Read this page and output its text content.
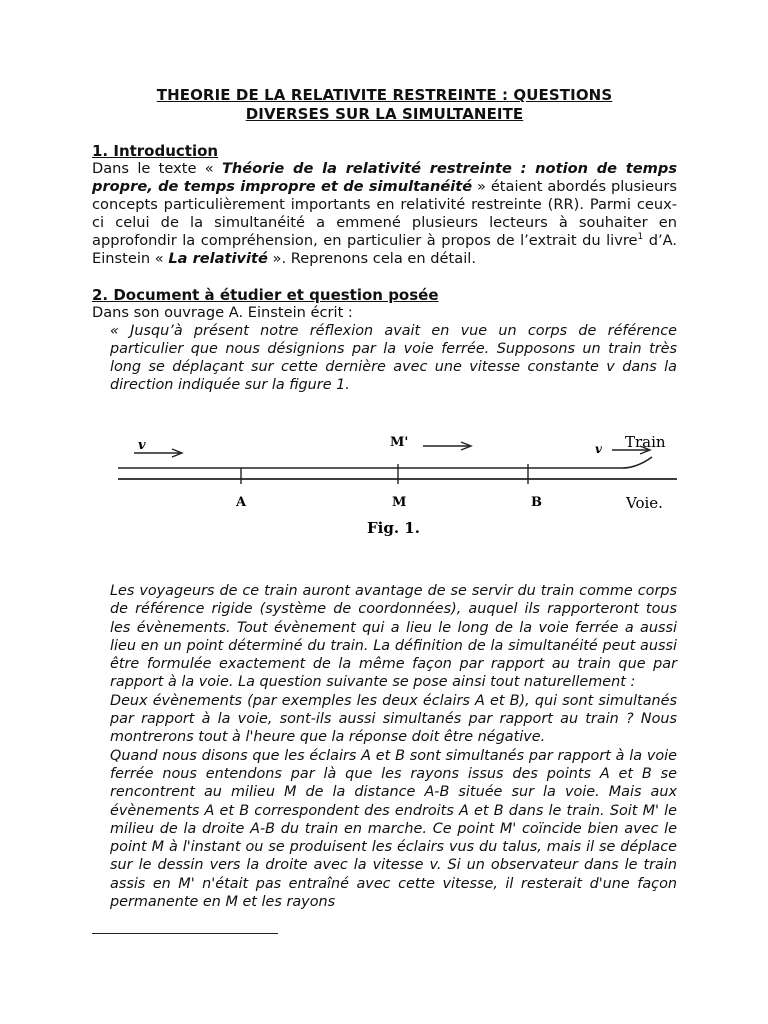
THEORIE DE LA RELATIVITE RESTREINTE : QUESTIONS
DIVERSES SUR LA SIMULTANEITE

1. Introduction

Dans le texte « Théorie de la relativité restreinte : notion de temps propre, de temps impropre et de simultanéité » étaient abordés plusieurs concepts particulièrement importants en relativité restreinte (RR). Parmi ceux-ci celui de la simultanéité a emmené plusieurs lecteurs à souhaiter en approfondir la compréhension, en particulier à propos de l’extrait du livre$^1$ d’A. Einstein « La relativité ». Reprenons cela en détail.

2. Document à étudier et question posée

Dans son ouvrage A. Einstein écrit :

« Jusqu’à présent notre réflexion avait en vue un corps de référence particulier que nous désignions par la voie ferrée. Supposons un train très long se déplaçant sur cette dernière avec une vitesse constante v dans la direction indiquée sur la figure 1.

v	M'	v Train
A	M	B	Voie.
Fig. 1.

Les voyageurs de ce train auront avantage de se servir du train comme corps de référence rigide (système de coordonnées), auquel ils rapporteront tous les évènements. Tout évènement qui a lieu le long de la voie ferrée a aussi lieu en un point déterminé du train. La définition de la simultanéité peut aussi être formulée exactement de la même façon par rapport au train que par rapport à la voie. La question suivante se pose ainsi tout naturellement :

Deux évènements (par exemples les deux éclairs A et B), qui sont simultanés par rapport à la voie, sont-ils aussi simultanés par rapport au train ? Nous montrerons tout à l'heure que la réponse doit être négative.

Quand nous disons que les éclairs A et B sont simultanés par rapport à la voie ferrée nous entendons par là que les rayons issus des points A et B se rencontrent au milieu M de la distance A-B située sur la voie. Mais aux évènements A et B correspondent des endroits A et B dans le train. Soit M' le milieu de la droite A-B du train en marche. Ce point M' coïncide bien avec le point M à l'instant ou se produisent les éclairs vus du talus, mais il se déplace sur le dessin vers la droite avec la vitesse v. Si un observateur dans le train assis en M' n'était pas entraîné avec cette vitesse, il resterait d'une façon permanente en M et les rayons
